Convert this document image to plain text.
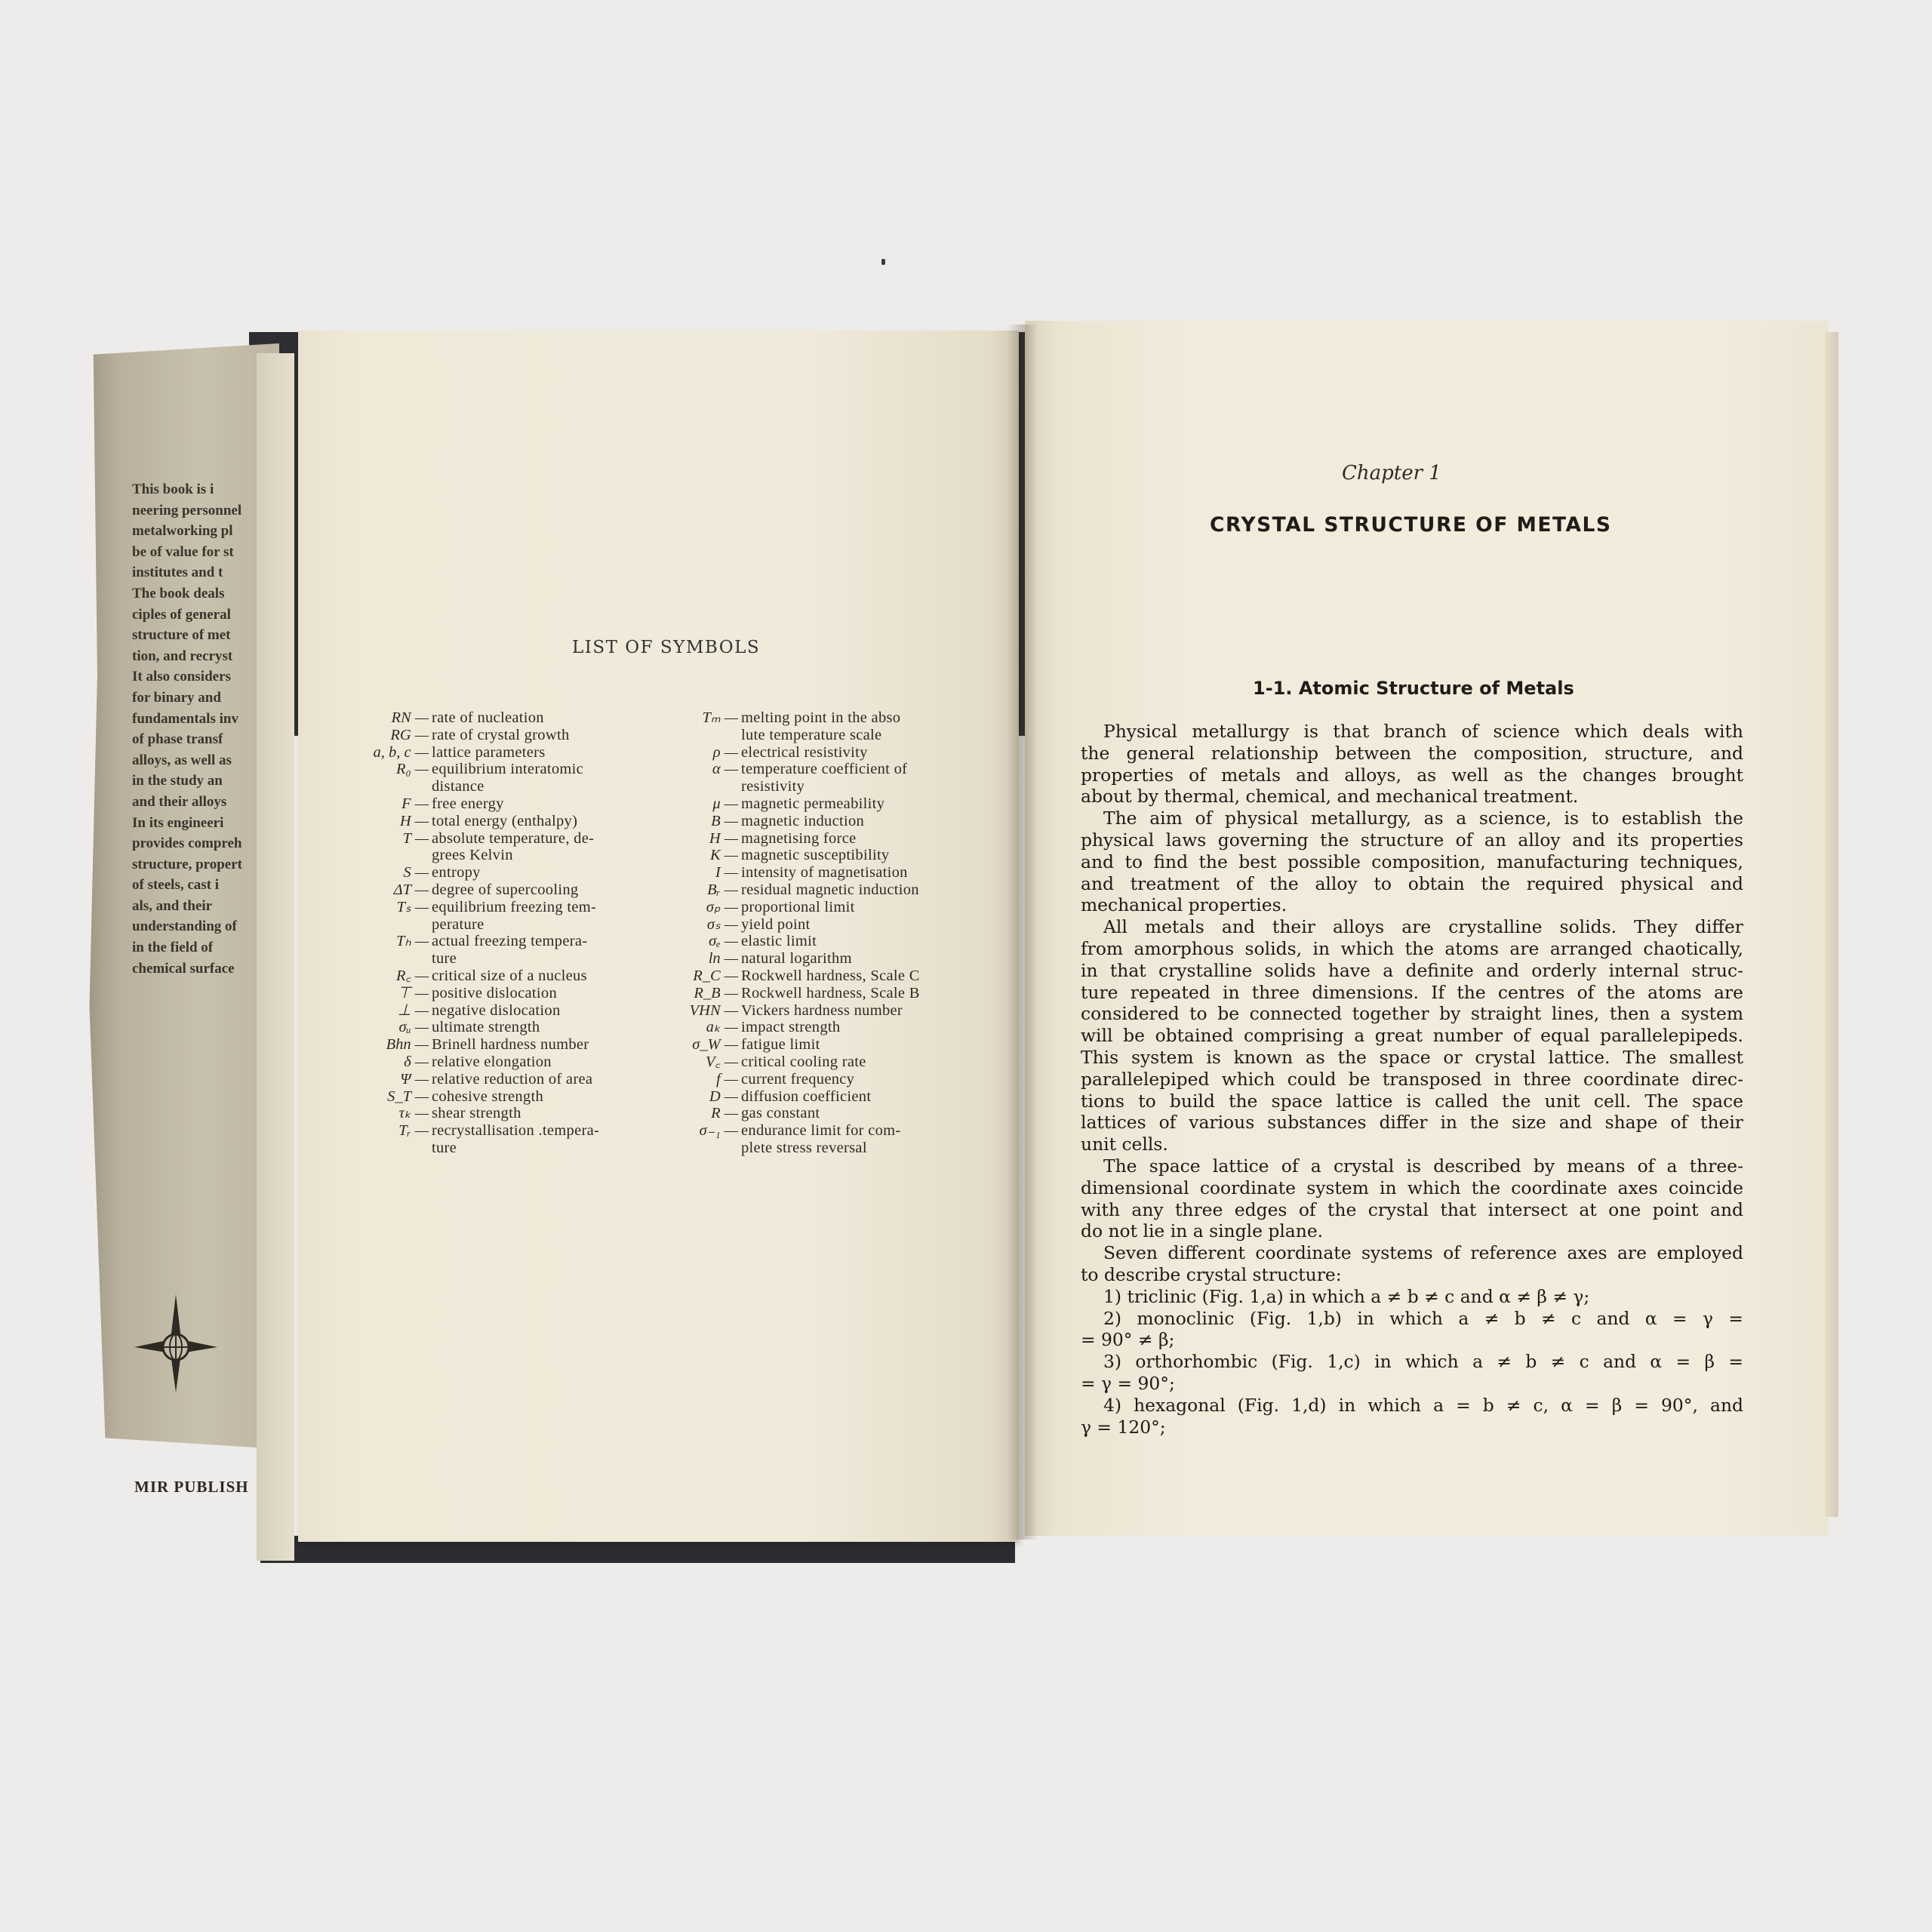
This book is i
neering personnel
metalworking pl
be of value for st
institutes and t
The book deals
ciples of general
structure of met
tion, and recryst
It also considers
for binary and
fundamentals inv
of phase transf
alloys, as well as
in the study an
and their alloys
In its engineeri
provides compreh
structure, propert
of steels, cast i
als, and their
understanding of
in the field of
chemical surface
MIR PUBLISH
LIST OF SYMBOLS
RN — rate of nucleation
RG — rate of crystal growth
a, b, c — lattice parameters
R₀ — equilibrium interatomic
distance
F — free energy
H — total energy (enthalpy)
T — absolute temperature, de-
grees Kelvin
S — entropy
ΔT — degree of supercooling
Tₛ — equilibrium freezing tem-
perature
Tₕ — actual freezing tempera-
ture
R꜀ — critical size of a nucleus
⊤ — positive dislocation
⊥ — negative dislocation
σᵤ — ultimate strength
Bhn — Brinell hardness number
δ — relative elongation
Ψ — relative reduction of area
S_T — cohesive strength
τₖ — shear strength
Tᵣ — recrystallisation .tempera-
ture
Tₘ — melting point in the abso
lute temperature scale
ρ — electrical resistivity
α — temperature coefficient of
resistivity
μ — magnetic permeability
B — magnetic induction
H — magnetising force
K — magnetic susceptibility
I — intensity of magnetisation
Bᵣ — residual magnetic induction
σₚ — proportional limit
σₛ — yield point
σₑ — elastic limit
ln — natural logarithm
R_C — Rockwell hardness, Scale C
R_B — Rockwell hardness, Scale B
VHN — Vickers hardness number
aₖ — impact strength
σ_W — fatigue limit
V꜀ — critical cooling rate
f — current frequency
D — diffusion coefficient
R — gas constant
σ₋₁ — endurance limit for com-
plete stress reversal
Chapter 1
CRYSTAL STRUCTURE OF METALS
1-1. Atomic Structure of Metals
Physical metallurgy is that branch of science which deals with
the general relationship between the composition, structure, and
properties of metals and alloys, as well as the changes brought
about by thermal, chemical, and mechanical treatment.
The aim of physical metallurgy, as a science, is to establish the
physical laws governing the structure of an alloy and its properties
and to find the best possible composition, manufacturing techniques,
and treatment of the alloy to obtain the required physical and
mechanical properties.
All metals and their alloys are crystalline solids. They differ
from amorphous solids, in which the atoms are arranged chaotically,
in that crystalline solids have a definite and orderly internal struc-
ture repeated in three dimensions. If the centres of the atoms are
considered to be connected together by straight lines, then a system
will be obtained comprising a great number of equal parallelepipeds.
This system is known as the space or crystal lattice. The smallest
parallelepiped which could be transposed in three coordinate direc-
tions to build the space lattice is called the unit cell. The space
lattices of various substances differ in the size and shape of their
unit cells.
The space lattice of a crystal is described by means of a three-
dimensional coordinate system in which the coordinate axes coincide
with any three edges of the crystal that intersect at one point and
do not lie in a single plane.
Seven different coordinate systems of reference axes are employed
to describe crystal structure:
1) triclinic (Fig. 1,a) in which a ≠ b ≠ c and α ≠ β ≠ γ;
2) monoclinic (Fig. 1,b) in which a ≠ b ≠ c and α = γ =
= 90° ≠ β;
3) orthorhombic (Fig. 1,c) in which a ≠ b ≠ c and α = β =
= γ = 90°;
4) hexagonal (Fig. 1,d) in which a = b ≠ c, α = β = 90°, and
γ = 120°;
